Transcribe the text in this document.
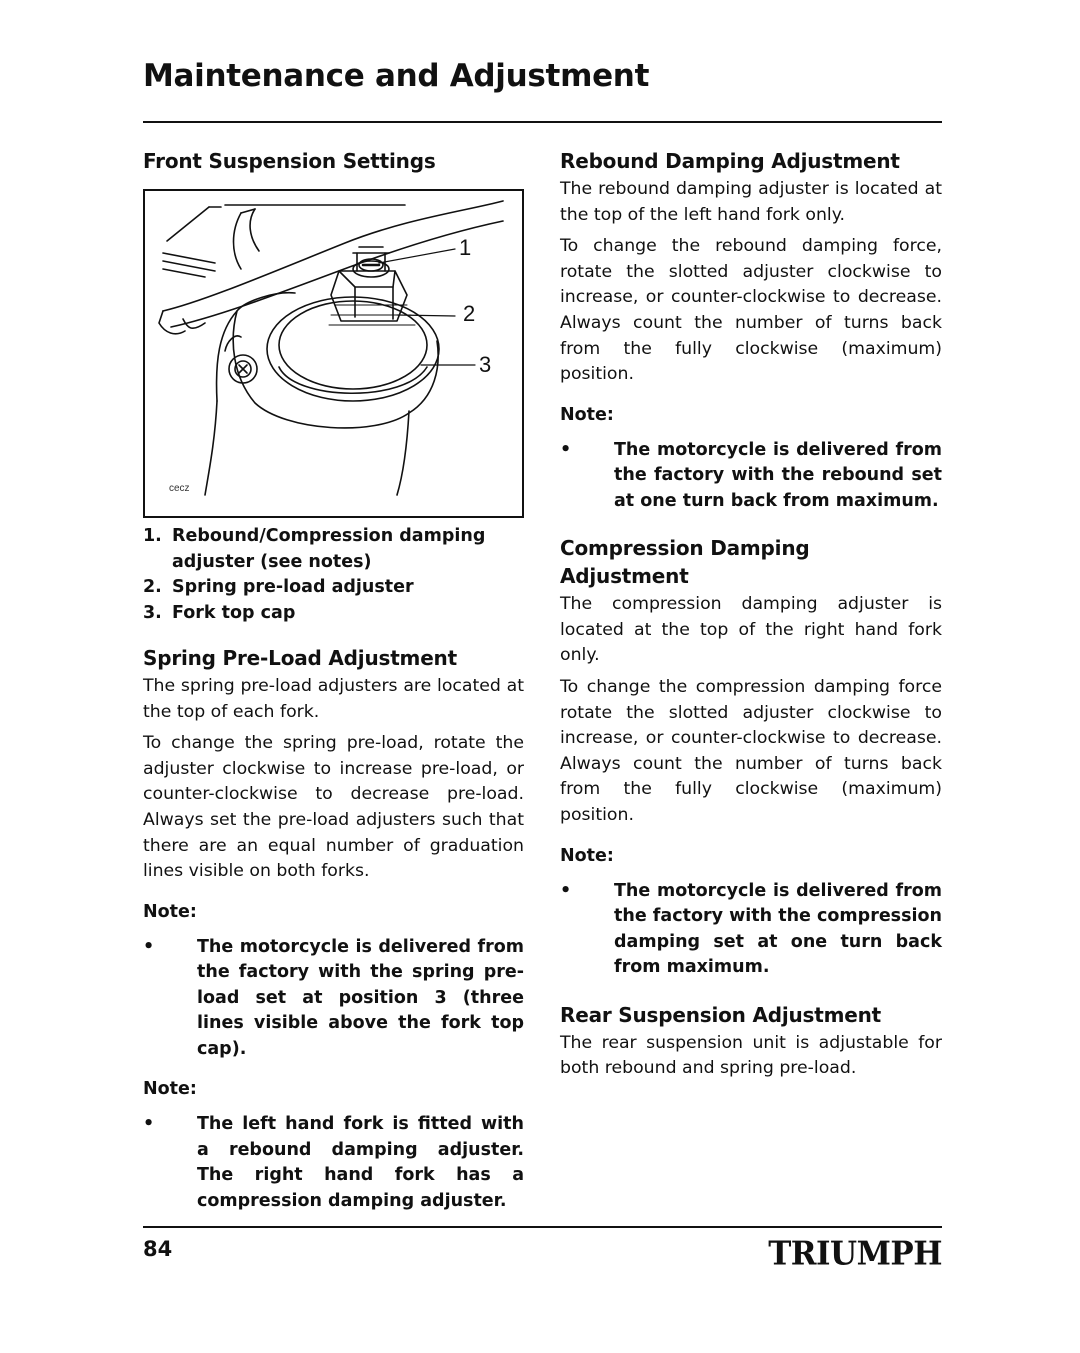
Maintenance and Adjustment
Front Suspension Settings
1
2
3
cecz
1. Rebound/Compression damping adjuster (see notes)
2. Spring pre-load adjuster
3. Fork top cap
Spring Pre-Load Adjustment

The spring pre-load adjusters are located at the top of each fork.

To change the spring pre-load, rotate the adjuster clockwise to increase pre-load, or counter-clockwise to decrease pre-load. Always set the pre-load adjusters such that there are an equal number of graduation lines visible on both forks.

Note:
•	The motorcycle is delivered from the factory with the spring pre-load set at position 3 (three lines visible above the fork top cap).
Note:
•	The left hand fork is fitted with a rebound damping adjuster. The right hand fork has a compression damping adjuster.
Rebound Damping Adjustment

The rebound damping adjuster is located at the top of the left hand fork only.

To change the rebound damping force, rotate the slotted adjuster clockwise to increase, or counter-clockwise to decrease. Always count the number of turns back from the fully clockwise (maximum) position.

Note:
•	The motorcycle is delivered from the factory with the rebound set at one turn back from maximum.
Compression Damping Adjustment

The compression damping adjuster is located at the top of the right hand fork only.

To change the compression damping force rotate the slotted adjuster clockwise to increase, or counter-clockwise to decrease. Always count the number of turns back from the fully clockwise (maximum) position.

Note:
•	The motorcycle is delivered from the factory with the compression damping set at one turn back from maximum.
Rear Suspension Adjustment

The rear suspension unit is adjustable for both rebound and spring pre-load.

84	TRIUMPH
